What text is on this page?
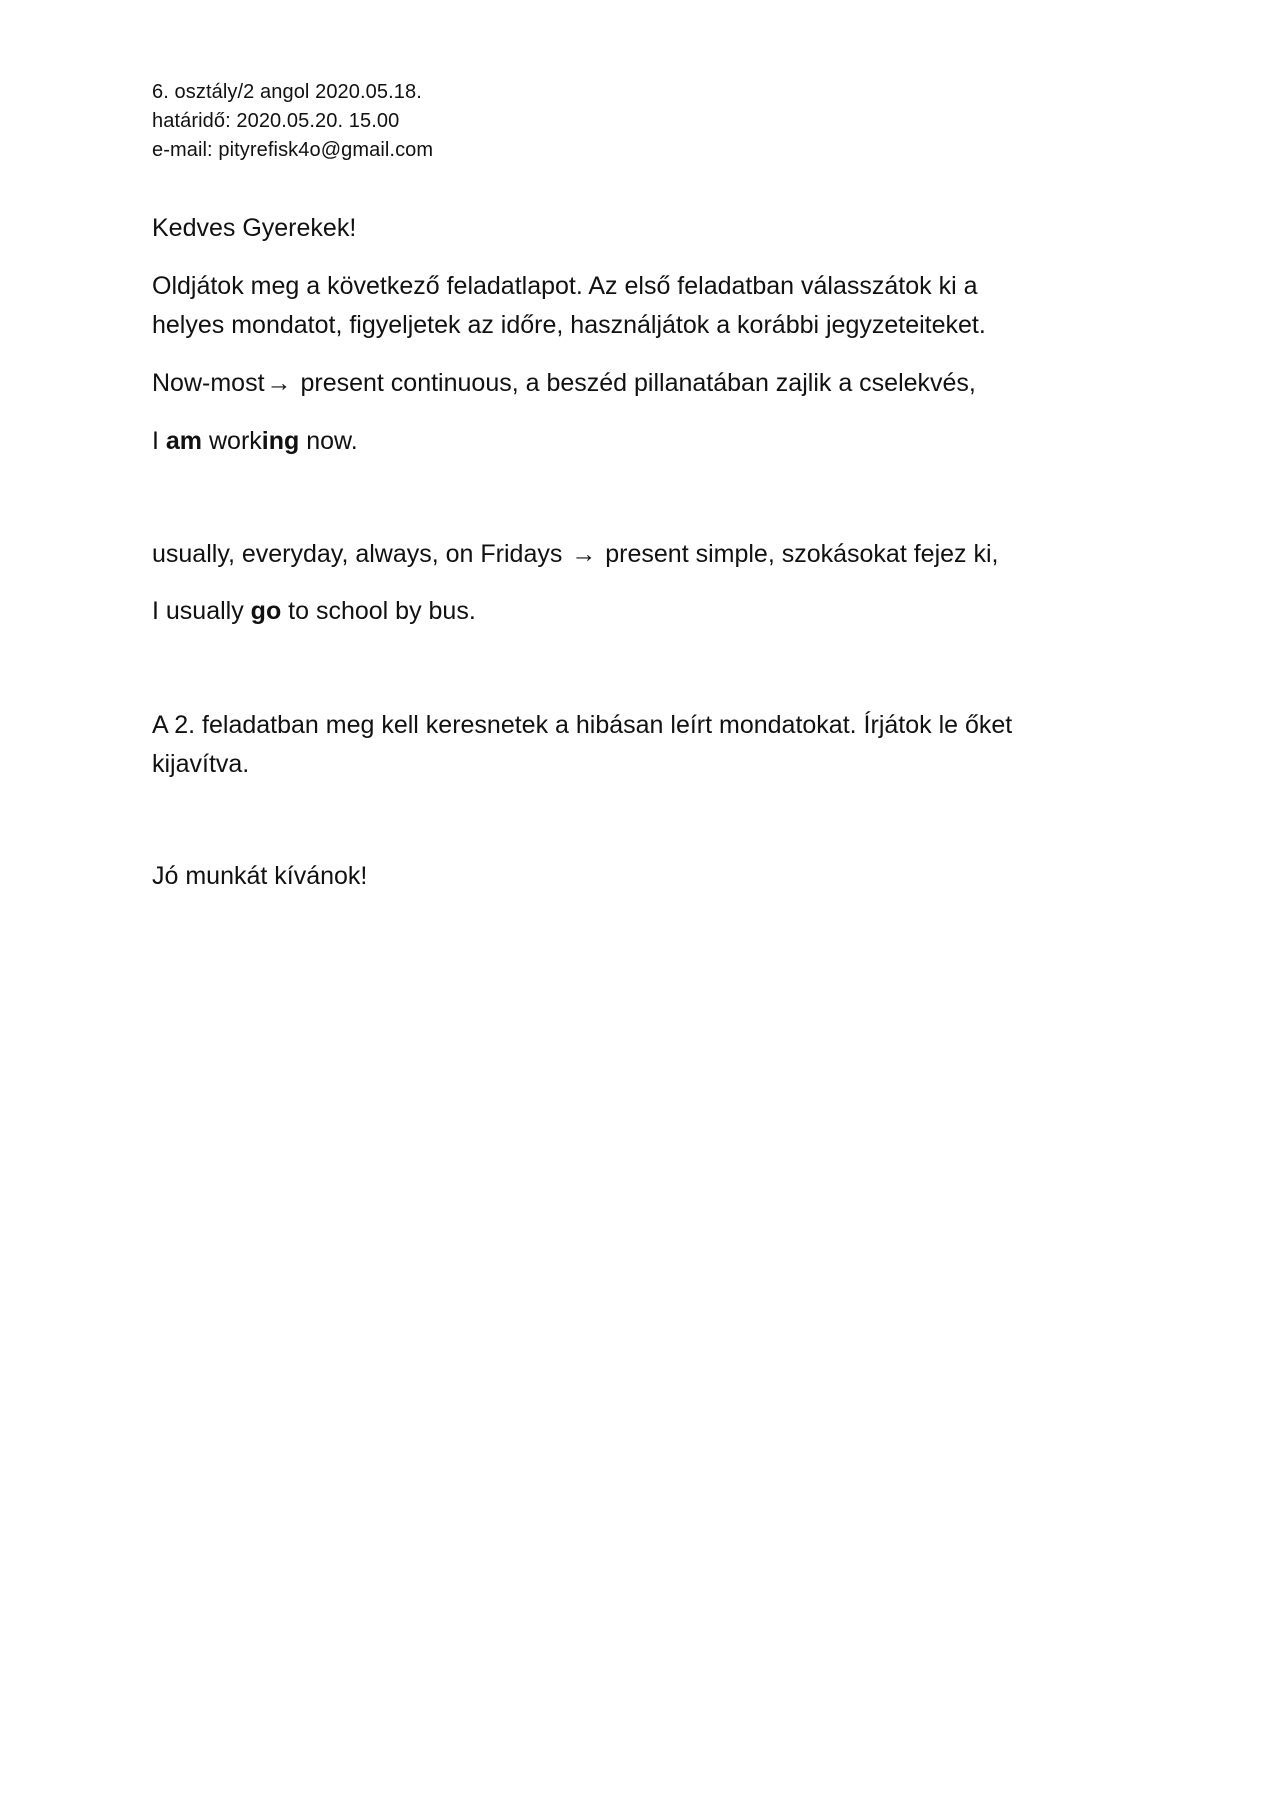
6. osztály/2 angol 2020.05.18.
határidő: 2020.05.20. 15.00
e-mail: pityrefisk4o@gmail.com
Kedves Gyerekek!
Oldjátok meg a következő feladatlapot. Az első feladatban válasszátok ki a
helyes mondatot, figyeljetek az időre, használjátok a korábbi jegyzeteiteket.
Now-most→ present continuous, a beszéd pillanatában zajlik a cselekvés,
I am working now.
usually, everyday, always, on Fridays → present simple, szokásokat fejez ki,
I usually go to school by bus.
A 2. feladatban meg kell keresnetek a hibásan leírt mondatokat. Írjátok le őket
kijavítva.
Jó munkát kívánok!
